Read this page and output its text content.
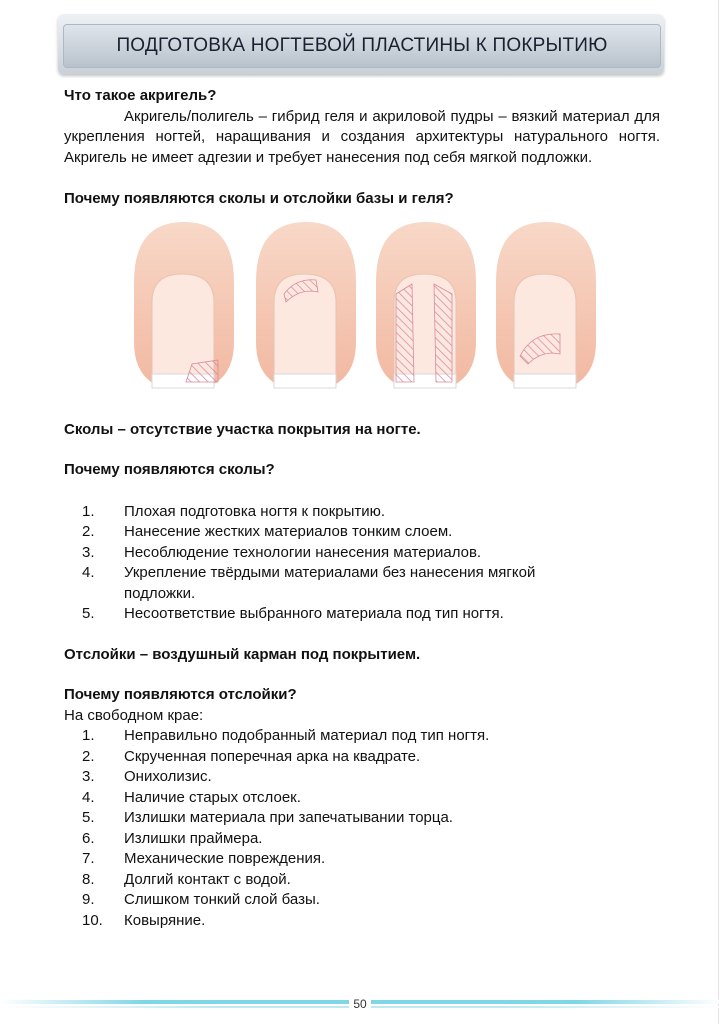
ПОДГОТОВКА НОГТЕВОЙ ПЛАСТИНЫ К ПОКРЫТИЮ
Что такое акригель?

Акригель/полигель – гибрид геля и акриловой пудры – вязкий материал для укрепления ногтей, наращивания и создания архитектуры натурального ногтя. Акригель не имеет адгезии и требует нанесения под себя мягкой подложки.

Почему появляются сколы и отслойки базы и геля?
Сколы – отсутствие участка покрытия на ногте.
Почему появляются сколы?
1.	Плохая подготовка ногтя к покрытию.
2.	Нанесение жестких материалов тонким слоем.
3.	Несоблюдение технологии нанесения материалов.
4.	Укрепление твёрдыми материалами без нанесения мягкой подложки.
5.	Несоответствие выбранного материала под тип ногтя.
Отслойки – воздушный карман под покрытием.
Почему появляются отслойки?
На свободном крае:
1.	Неправильно подобранный материал под тип ногтя.
2.	Скрученная поперечная арка на квадрате.
3.	Онихолизис.
4.	Наличие старых отслоек.
5.	Излишки материала при запечатывании торца.
6.	Излишки праймера.
7.	Механические повреждения.
8.	Долгий контакт с водой.
9.	Слишком тонкий слой базы.
10.	Ковыряние.
50
